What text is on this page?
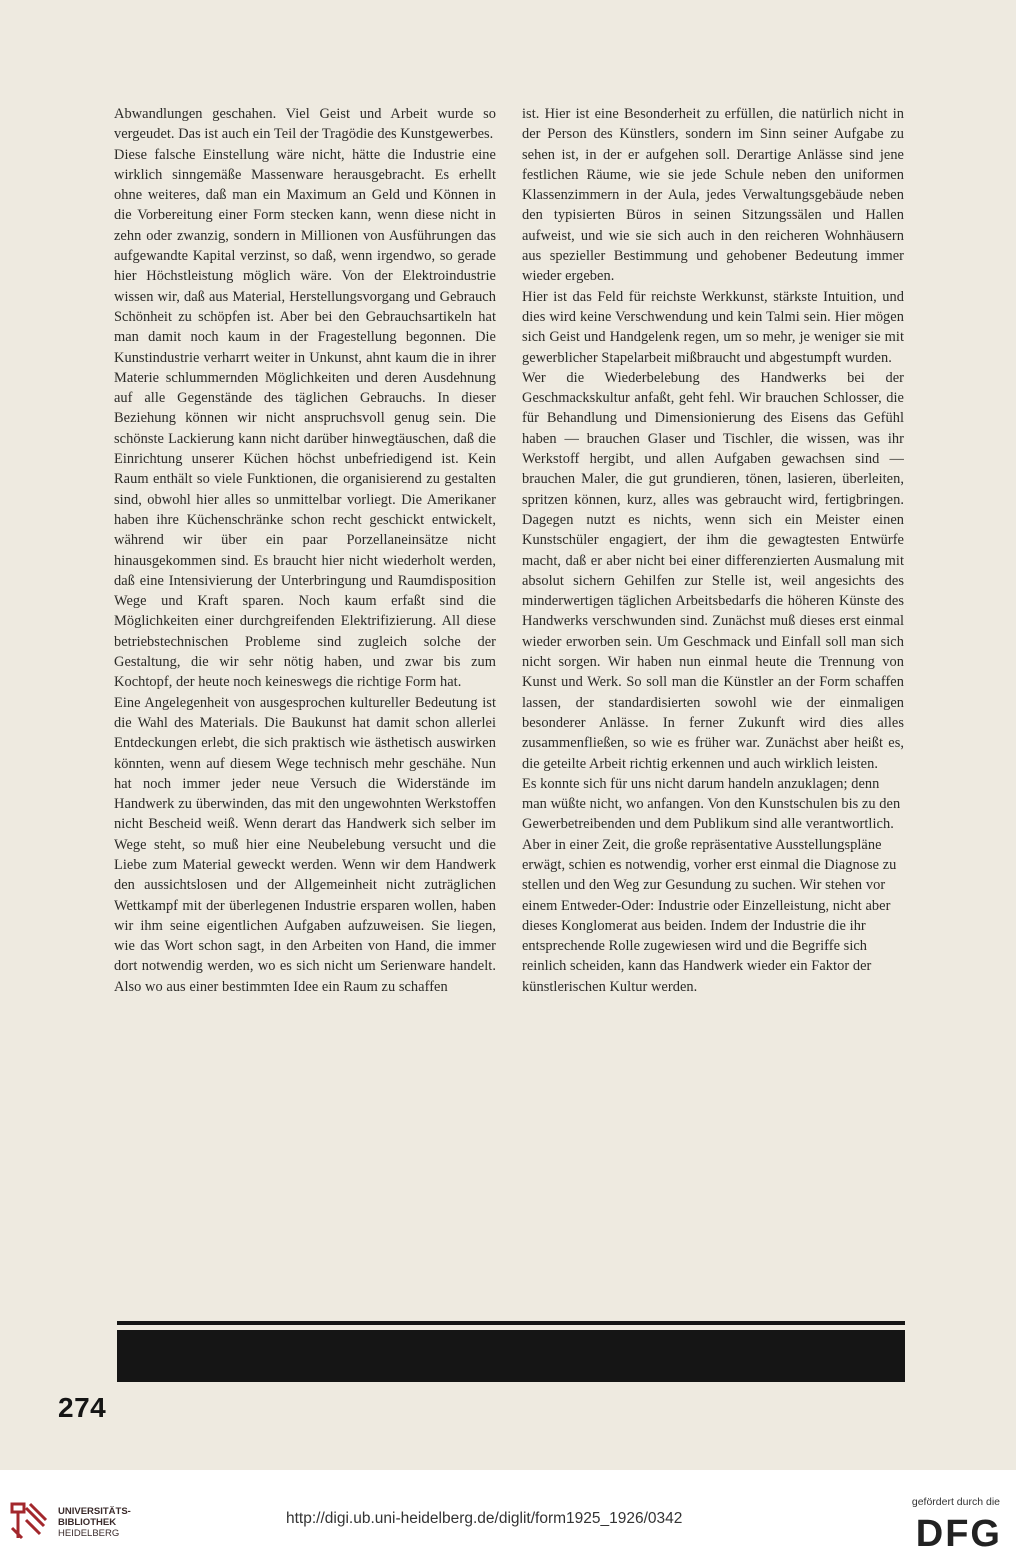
Abwandlungen geschahen. Viel Geist und Arbeit wurde so vergeudet. Das ist auch ein Teil der Tragödie des Kunstgewerbes.

Diese falsche Einstellung wäre nicht, hätte die Industrie eine wirklich sinngemäße Massenware herausgebracht. Es erhellt ohne weiteres, daß man ein Maximum an Geld und Können in die Vorbereitung einer Form stecken kann, wenn diese nicht in zehn oder zwanzig, sondern in Millionen von Ausführungen das aufgewandte Kapital verzinst, so daß, wenn irgendwo, so gerade hier Höchstleistung möglich wäre. Von der Elektroindustrie wissen wir, daß aus Material, Herstellungsvorgang und Gebrauch Schönheit zu schöpfen ist. Aber bei den Gebrauchsartikeln hat man damit noch kaum in der Fragestellung begonnen. Die Kunstindustrie verharrt weiter in Unkunst, ahnt kaum die in ihrer Materie schlummernden Möglichkeiten und deren Ausdehnung auf alle Gegenstände des täglichen Gebrauchs. In dieser Beziehung können wir nicht anspruchsvoll genug sein. Die schönste Lackierung kann nicht darüber hinwegtäuschen, daß die Einrichtung unserer Küchen höchst unbefriedigend ist. Kein Raum enthält so viele Funktionen, die organisierend zu gestalten sind, obwohl hier alles so unmittelbar vorliegt. Die Amerikaner haben ihre Küchenschränke schon recht geschickt entwickelt, während wir über ein paar Porzellaneinsätze nicht hinausgekommen sind. Es braucht hier nicht wiederholt werden, daß eine Intensivierung der Unterbringung und Raumdisposition Wege und Kraft sparen. Noch kaum erfaßt sind die Möglichkeiten einer durchgreifenden Elektrifizierung. All diese betriebstechnischen Probleme sind zugleich solche der Gestaltung, die wir sehr nötig haben, und zwar bis zum Kochtopf, der heute noch keineswegs die richtige Form hat.

Eine Angelegenheit von ausgesprochen kultureller Bedeutung ist die Wahl des Materials. Die Baukunst hat damit schon allerlei Entdeckungen erlebt, die sich praktisch wie ästhetisch auswirken könnten, wenn auf diesem Wege technisch mehr geschähe. Nun hat noch immer jeder neue Versuch die Widerstände im Handwerk zu überwinden, das mit den ungewohnten Werkstoffen nicht Bescheid weiß. Wenn derart das Handwerk sich selber im Wege steht, so muß hier eine Neubelebung versucht und die Liebe zum Material geweckt werden. Wenn wir dem Handwerk den aussichtslosen und der Allgemeinheit nicht zuträglichen Wettkampf mit der überlegenen Industrie ersparen wollen, haben wir ihm seine eigentlichen Aufgaben aufzuweisen. Sie liegen, wie das Wort schon sagt, in den Arbeiten von Hand, die immer dort notwendig werden, wo es sich nicht um Serienware handelt. Also wo aus einer bestimmten Idee ein Raum zu schaffen

ist. Hier ist eine Besonderheit zu erfüllen, die natürlich nicht in der Person des Künstlers, sondern im Sinn seiner Aufgabe zu sehen ist, in der er aufgehen soll. Derartige Anlässe sind jene festlichen Räume, wie sie jede Schule neben den uniformen Klassenzimmern in der Aula, jedes Verwaltungsgebäude neben den typisierten Büros in seinen Sitzungssälen und Hallen aufweist, und wie sie sich auch in den reicheren Wohnhäusern aus spezieller Bestimmung und gehobener Bedeutung immer wieder ergeben.

Hier ist das Feld für reichste Werkkunst, stärkste Intuition, und dies wird keine Verschwendung und kein Talmi sein. Hier mögen sich Geist und Handgelenk regen, um so mehr, je weniger sie mit gewerblicher Stapelarbeit mißbraucht und abgestumpft wurden.

Wer die Wiederbelebung des Handwerks bei der Geschmackskultur anfaßt, geht fehl. Wir brauchen Schlosser, die für Behandlung und Dimensionierung des Eisens das Gefühl haben — brauchen Glaser und Tischler, die wissen, was ihr Werkstoff hergibt, und allen Aufgaben gewachsen sind — brauchen Maler, die gut grundieren, tönen, lasieren, überleiten, spritzen können, kurz, alles was gebraucht wird, fertigbringen. Dagegen nutzt es nichts, wenn sich ein Meister einen Kunstschüler engagiert, der ihm die gewagtesten Entwürfe macht, daß er aber nicht bei einer differenzierten Ausmalung mit absolut sichern Gehilfen zur Stelle ist, weil angesichts des minderwertigen täglichen Arbeitsbedarfs die höheren Künste des Handwerks verschwunden sind. Zunächst muß dieses erst einmal wieder erworben sein. Um Geschmack und Einfall soll man sich nicht sorgen. Wir haben nun einmal heute die Trennung von Kunst und Werk. So soll man die Künstler an der Form schaffen lassen, der standardisierten sowohl wie der einmaligen besonderer Anlässe. In ferner Zukunft wird dies alles zusammenfließen, so wie es früher war. Zunächst aber heißt es, die geteilte Arbeit richtig erkennen und auch wirklich leisten.

Es konnte sich für uns nicht darum handeln anzuklagen; denn man wüßte nicht, wo anfangen. Von den Kunstschulen bis zu den Gewerbetreibenden und dem Publikum sind alle verantwortlich. Aber in einer Zeit, die große repräsentative Ausstellungspläne erwägt, schien es notwendig, vorher erst einmal die Diagnose zu stellen und den Weg zur Gesundung zu suchen. Wir stehen vor einem Entweder-Oder: Industrie oder Einzelleistung, nicht aber dieses Konglomerat aus beiden. Indem der Industrie die ihr entsprechende Rolle zugewiesen wird und die Begriffe sich reinlich scheiden, kann das Handwerk wieder ein Faktor der künstlerischen Kultur werden.

274
UNIVERSITÄTS-
BIBLIOTHEK
HEIDELBERG
http://digi.ub.uni-heidelberg.de/diglit/form1925_1926/0342
gefördert durch die
DFG
